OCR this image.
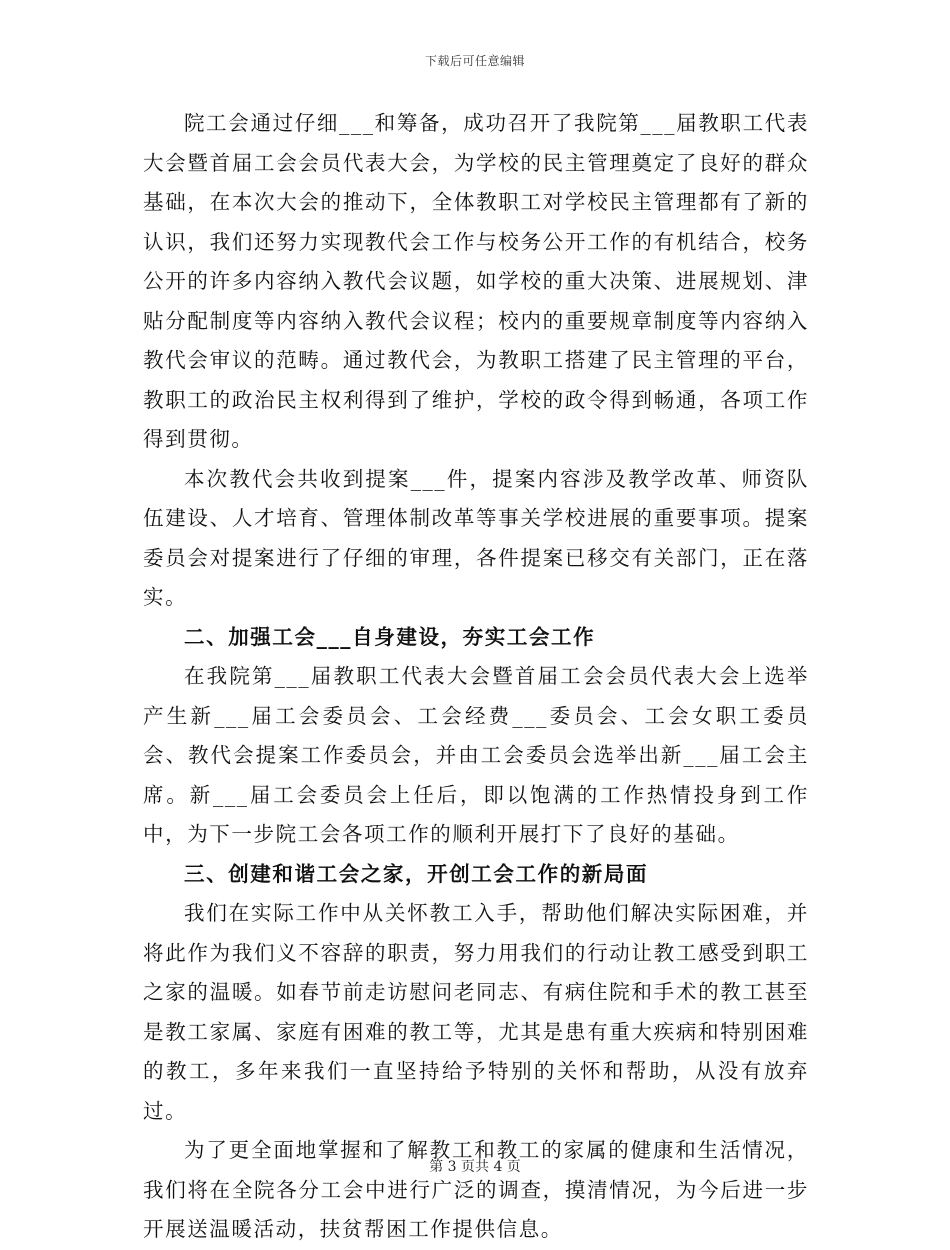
下载后可任意编辑

院工会通过仔细___和筹备，成功召开了我院第___届教职工代表大会暨首届工会会员代表大会，为学校的民主管理奠定了良好的群众基础，在本次大会的推动下，全体教职工对学校民主管理都有了新的认识，我们还努力实现教代会工作与校务公开工作的有机结合，校务公开的许多内容纳入教代会议题，如学校的重大决策、进展规划、津贴分配制度等内容纳入教代会议程；校内的重要规章制度等内容纳入教代会审议的范畴。通过教代会，为教职工搭建了民主管理的平台，教职工的政治民主权利得到了维护，学校的政令得到畅通，各项工作得到贯彻。

本次教代会共收到提案___件，提案内容涉及教学改革、师资队伍建设、人才培育、管理体制改革等事关学校进展的重要事项。提案委员会对提案进行了仔细的审理，各件提案已移交有关部门，正在落实。

二、加强工会___自身建设，夯实工会工作

在我院第___届教职工代表大会暨首届工会会员代表大会上选举产生新___届工会委员会、工会经费___委员会、工会女职工委员会、教代会提案工作委员会，并由工会委员会选举出新___届工会主席。新___届工会委员会上任后，即以饱满的工作热情投身到工作中，为下一步院工会各项工作的顺利开展打下了良好的基础。

三、创建和谐工会之家，开创工会工作的新局面

我们在实际工作中从关怀教工入手，帮助他们解决实际困难，并将此作为我们义不容辞的职责，努力用我们的行动让教工感受到职工之家的温暖。如春节前走访慰问老同志、有病住院和手术的教工甚至是教工家属、家庭有困难的教工等，尤其是患有重大疾病和特别困难的教工，多年来我们一直坚持给予特别的关怀和帮助，从没有放弃过。

为了更全面地掌握和了解教工和教工的家属的健康和生活情况，我们将在全院各分工会中进行广泛的调查，摸清情况，为今后进一步开展送温暖活动，扶贫帮困工作提供信息。

第 3 页共 4 页
